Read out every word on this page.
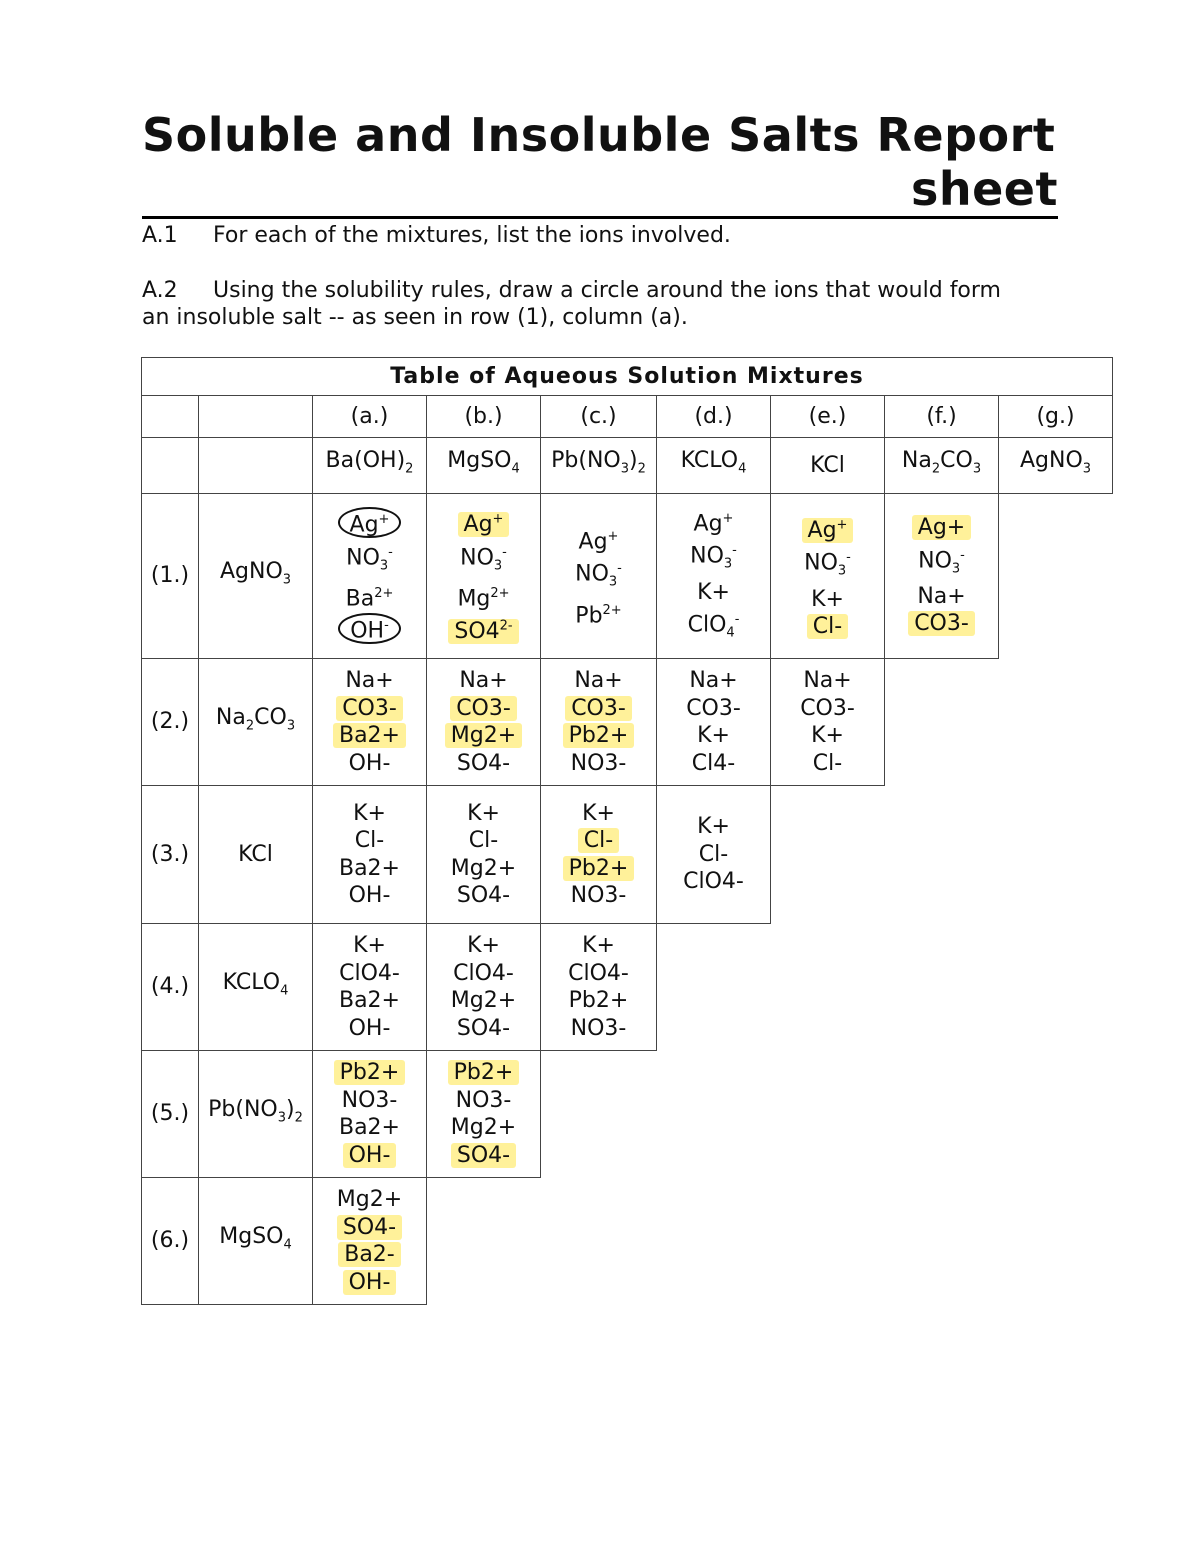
Soluble and Insoluble Salts Report
sheet
A.1 For each of the mixtures, list the ions involved.
A.2 Using the solubility rules, draw a circle around the ions that would form
an insoluble salt -- as seen in row (1), column (a).
Table of Aqueous Solution Mixtures								
		(a.)	(b.)	(c.)	(d.)	(e.)	(f.)	(g.)
		$Ba(OH)_2$	MgSO$_4$	$Pb(NO_3)_2$	$KCLO_4$	KCl	$Na_2CO_3$	AgNO$_3$
(1.)	AgNO$_3$	Ag+
$NO_3^-$
$Ba^{2+}$
OH-	Ag+
$NO_3^-$
$Mg^{2+}$
$SO4^{2-}$	Ag+
$NO_3^-$
$Pb^{2+}$	Ag+
$NO_3^-$
K+
ClO$_4$-	Ag+
$NO_3^-$
K+
Cl-	Ag+
$NO_3^-$
Na+
CO3-	

(2.)	$Na_2CO_3$	Na+
CO3-
Ba2+
OH-	Na+
CO3-
Mg2+
SO4-	Na+
CO3-
Pb2+
NO3-	Na+
CO3-
K+
Cl4-	Na+
CO3-
K+
Cl-		

(3.)	KCl	K+
Cl-
Ba2+
OH-	K+
Cl-
Mg2+
SO4-	K+
Cl-
Pb2+
NO3-	K+
Cl-
ClO4-			

(4.)	$KCLO_4$	K+
ClO4-
Ba2+
OH-	K+
ClO4-
Mg2+
SO4-	K+
ClO4-
Pb2+
NO3-				

(5.)	$Pb(NO_3)_2$	Pb2+
NO3-
Ba2+
OH-	Pb2+
NO3-
Mg2+
SO4-					

(6.)	MgSO$_4$	Mg2+
SO4-
Ba2-
OH-						
